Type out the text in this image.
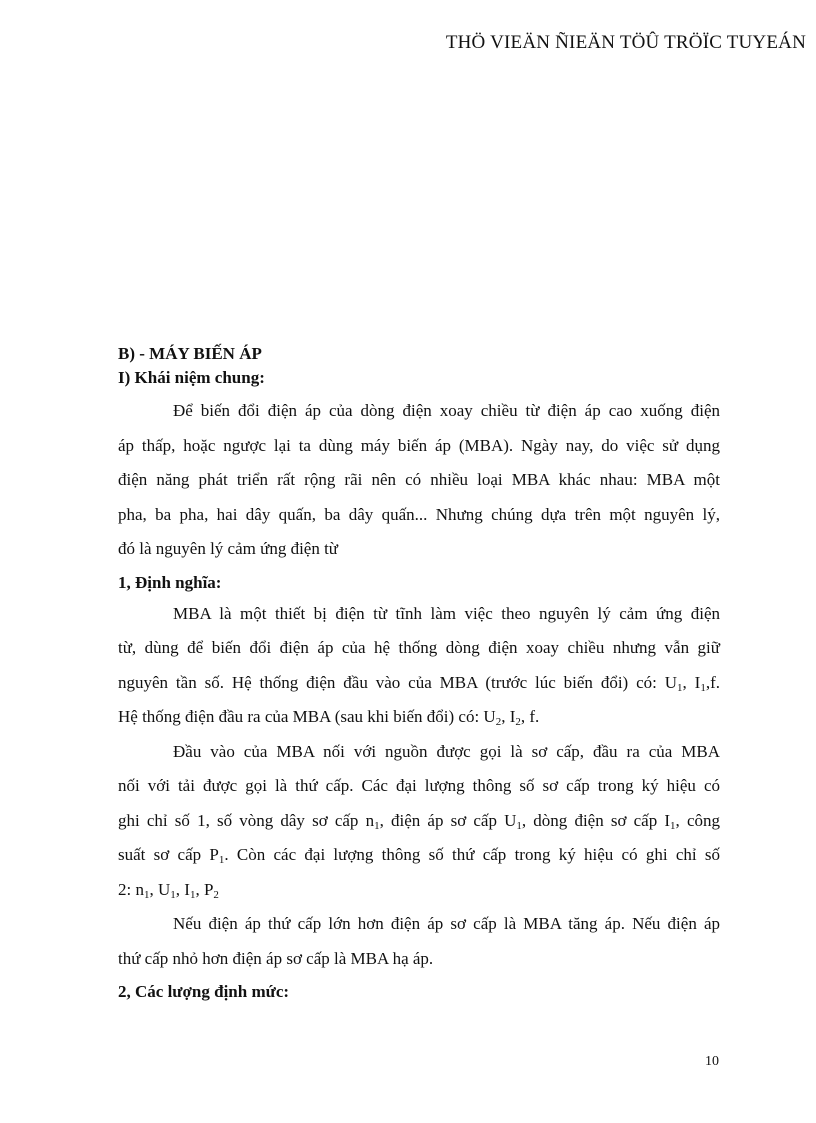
THÖ VIEÄN ÑIEÄN TÖÛ TRÖÏC TUYEÁN

B) - MÁY BIẾN ÁP

I) Khái niệm chung:

Để biến đổi điện áp của dòng điện xoay chiều từ điện áp cao xuống điện
áp thấp, hoặc ngược lại ta dùng máy biến áp (MBA). Ngày nay, do việc sử dụng
điện năng phát triển rất rộng rãi nên có nhiều loại MBA khác nhau: MBA một
pha, ba pha, hai dây quấn, ba dây quấn... Nhưng chúng dựa trên một nguyên lý,
đó là nguyên lý cảm ứng điện từ

1, Định nghĩa:

MBA là một thiết bị điện từ tĩnh làm việc theo nguyên lý cảm ứng điện
từ, dùng để biến đổi điện áp của hệ thống dòng điện xoay chiều nhưng vẫn giữ
nguyên tần số. Hệ thống điện đầu vào của MBA (trước lúc biến đổi) có: $U_1$, $I_1,f$.
Hệ thống điện đầu ra của MBA (sau khi biến đổi) có: $U_2$, $I_2$, f.
Đầu vào của MBA nối với nguồn được gọi là sơ cấp, đầu ra của MBA
nối với tải được gọi là thứ cấp. Các đại lượng thông số sơ cấp trong ký hiệu có
ghi chỉ số 1, số vòng dây sơ cấp $n_1$, điện áp sơ cấp $U_1$, dòng điện sơ cấp $I_1$, công
suất sơ cấp $P_1$. Còn các đại lượng thông số thứ cấp trong ký hiệu có ghi chỉ số
2: $n_1$, $U_1$, $I_1$, $P_2$
Nếu điện áp thứ cấp lớn hơn điện áp sơ cấp là MBA tăng áp. Nếu điện áp
thứ cấp nhỏ hơn điện áp sơ cấp là MBA hạ áp.

2, Các lượng định mức:

10
